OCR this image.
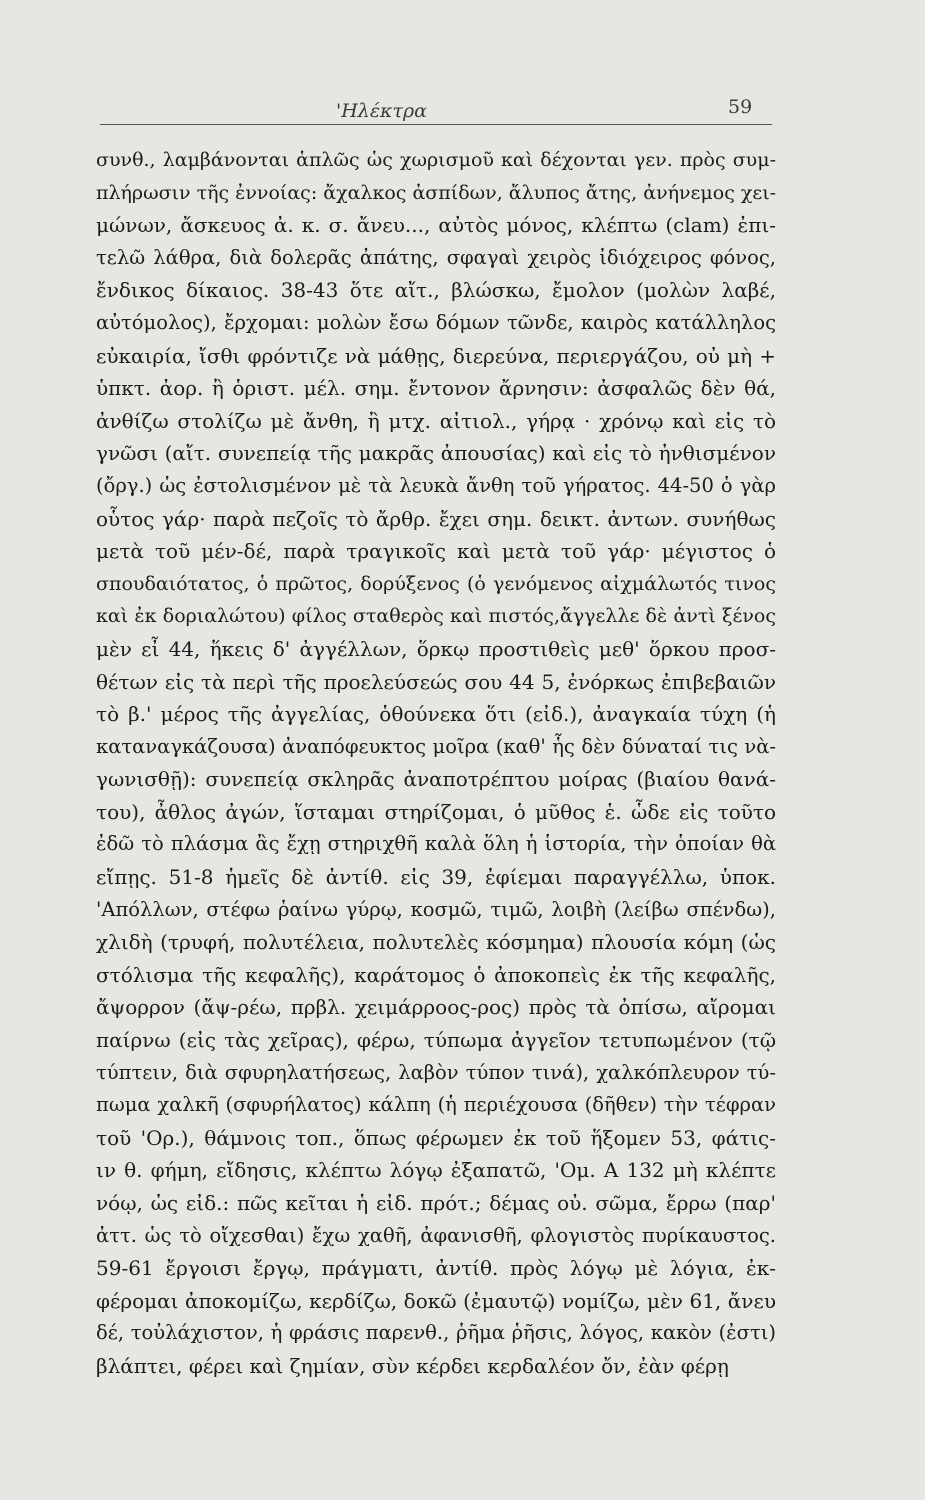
'Ηλέκτρα	59
συνθ., λαμβάνονται ἁπλῶς ὡς χωρισμοῦ καὶ δέχονται γεν. πρὸς συμ-
πλήρωσιν τῆς ἐννοίας: ἄχαλκος ἀσπίδων, ἄλυπος ἄτης, ἀνήνεμος χει-
μώνων, ἄσκευος ἀ. κ. σ. ἄνευ..., αὐτὸς μόνος, κλέπτω (clam) ἐπι-
τελῶ λάθρα, διὰ δολερᾶς ἀπάτης, σφαγαὶ χειρὸς ἰδιόχειρος φόνος,
ἔνδικος δίκαιος. 38-43 ὅτε αἴτ., βλώσκω, ἔμολον (μολὼν λαβέ,
αὐτόμολος), ἔρχομαι: μολὼν ἔσω δόμων τῶνδε, καιρὸς κατάλληλος
εὐκαιρία, ἴσθι φρόντιζε νὰ μάθῃς, διερεύνα, περιεργάζου, οὐ μὴ +
ὑπκτ. ἀορ. ἢ ὁριστ. μέλ. σημ. ἔντονον ἄρνησιν: ἀσφαλῶς δὲν θά,
ἀνθίζω στολίζω μὲ ἄνθη, ἢ μτχ. αἰτιολ., γήρᾳ · χρόνῳ καὶ εἰς τὸ
γνῶσι (αἴτ. συνεπείᾳ τῆς μακρᾶς ἀπουσίας) καὶ εἰς τὸ ἠνθισμένον
(ὄργ.) ὡς ἐστολισμένον μὲ τὰ λευκὰ ἄνθη τοῦ γήρατος. 44-50 ὁ γὰρ
οὗτος γάρ· παρὰ πεζοῖς τὸ ἄρθρ. ἔχει σημ. δεικτ. ἀντων. συνήθως
μετὰ τοῦ μέν-δέ, παρὰ τραγικοῖς καὶ μετὰ τοῦ γάρ· μέγιστος ὁ
σπουδαιότατος, ὁ πρῶτος, δορύξενος (ὁ γενόμενος αἰχμάλωτός τινος
καὶ ἐκ δοριαλώτου) φίλος σταθερὸς καὶ πιστός,ἄγγελλε δὲ ἀντὶ ξένος
μὲν εἶ 44, ἥκεις δ' ἀγγέλλων, ὅρκῳ προστιθεὶς μεθ' ὅρκου προσ-
θέτων εἰς τὰ περὶ τῆς προελεύσεώς σου 44 5, ἐνόρκως ἐπιβεβαιῶν
τὸ β.' μέρος τῆς ἀγγελίας, ὁθούνεκα ὅτι (εἰδ.), ἀναγκαία τύχη (ἡ
καταναγκάζουσα) ἀναπόφευκτος μοῖρα (καθ' ἧς δὲν δύναταί τις νὰ-
γωνισθῇ): συνεπείᾳ σκληρᾶς ἀναποτρέπτου μοίρας (βιαίου θανά-
του), ἆθλος ἀγών, ἵσταμαι στηρίζομαι, ὁ μῦθος ἑ. ὧδε εἰς τοῦτο
ἐδῶ τὸ πλάσμα ἂς ἔχῃ στηριχθῆ καλὰ ὅλη ἡ ἱστορία, τὴν ὁποίαν θὰ
εἴπῃς. 51-8 ἡμεῖς δὲ ἀντίθ. εἰς 39, ἐφίεμαι παραγγέλλω, ὑποκ.
'Απόλλων, στέφω ῥαίνω γύρῳ, κοσμῶ, τιμῶ, λοιβὴ (λείβω σπένδω),
χλιδὴ (τρυφή, πολυτέλεια, πολυτελὲς κόσμημα) πλουσία κόμη (ὡς
στόλισμα τῆς κεφαλῆς), καράτομος ὁ ἀποκοπεὶς ἐκ τῆς κεφαλῆς,
ἄψορρον (ἄψ-ρέω, πρβλ. χειμάρροος-ρος) πρὸς τὰ ὀπίσω, αἴρομαι
παίρνω (εἰς τὰς χεῖρας), φέρω, τύπωμα ἀγγεῖον τετυπωμένον (τῷ
τύπτειν, διὰ σφυρηλατήσεως, λαβὸν τύπον τινά), χαλκόπλευρον τύ-
πωμα χαλκῆ (σφυρήλατος) κάλπη (ἡ περιέχουσα (δῆθεν) τὴν τέφραν
τοῦ 'Ορ.), θάμνοις τοπ., ὅπως φέρωμεν ἐκ τοῦ ἥξομεν 53, φάτις-
ιν θ. φήμη, εἴδησις, κλέπτω λόγῳ ἐξαπατῶ, 'Ομ. Α 132 μὴ κλέπτε
νόῳ, ὡς εἰδ.: πῶς κεῖται ἡ εἰδ. πρότ.; δέμας οὐ. σῶμα, ἔρρω (παρ'
ἀττ. ὡς τὸ οἴχεσθαι) ἔχω χαθῆ, ἀφανισθῆ, φλογιστὸς πυρίκαυστος.
59-61 ἔργοισι ἔργῳ, πράγματι, ἀντίθ. πρὸς λόγῳ μὲ λόγια, ἐκ-
φέρομαι ἀποκομίζω, κερδίζω, δοκῶ (ἐμαυτῷ) νομίζω, μὲν 61, ἄνευ
δέ, τοὐλάχιστον, ἡ φράσις παρενθ., ῥῆμα ῥῆσις, λόγος, κακὸν (ἐστι)
βλάπτει, φέρει καὶ ζημίαν, σὺν κέρδει κερδαλέον ὄν, ἐὰν φέρῃ
